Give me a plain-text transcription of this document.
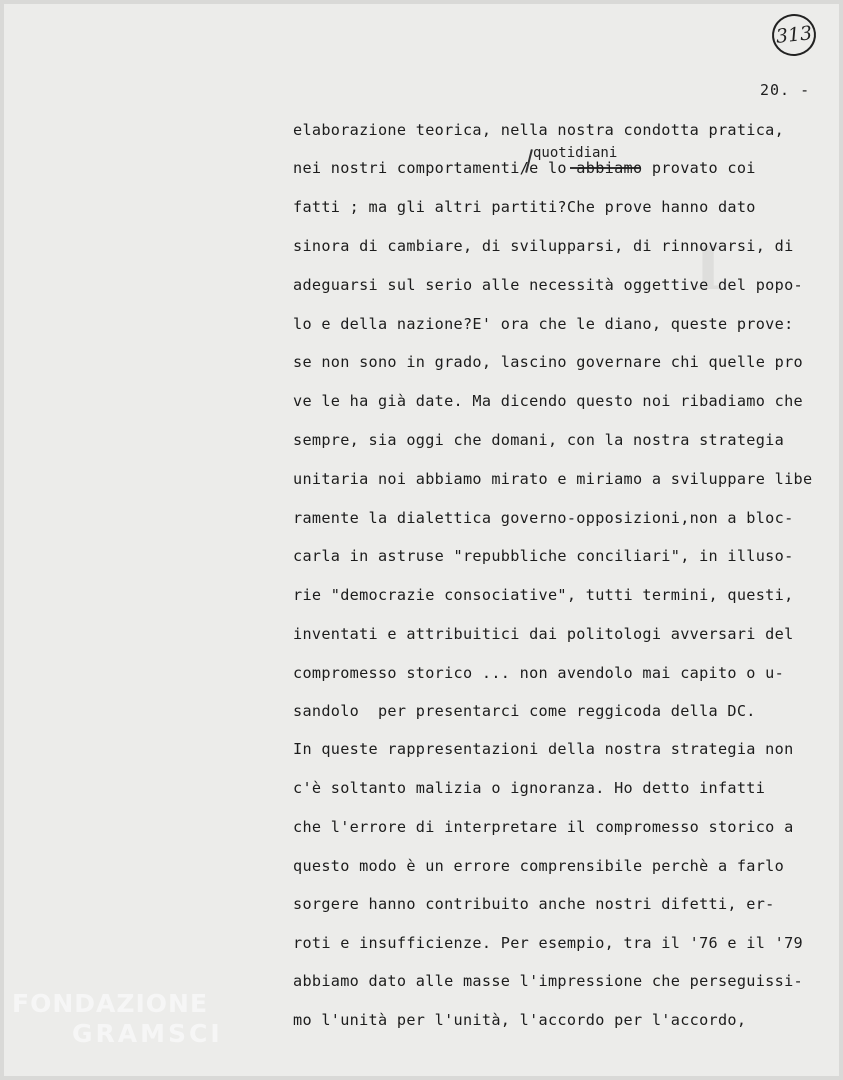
I
313
20. -
quotidiani
elaborazione teorica, nella nostra condotta pratica,
nei nostri comportamenti/e lo abbiamo provato coi
fatti ; ma gli altri partiti?Che prove hanno dato
sinora di cambiare, di svilupparsi, di rinnovarsi, di
adeguarsi sul serio alle necessità oggettive del popo-
lo e della nazione?E' ora che le diano, queste prove:
se non sono in grado, lascino governare chi quelle pro
ve le ha già date. Ma dicendo questo noi ribadiamo che
sempre, sia oggi che domani, con la nostra strategia
unitaria noi abbiamo mirato e miriamo a sviluppare libe
ramente la dialettica governo-opposizioni,non a bloc-
carla in astruse "repubbliche conciliari", in illuso-
rie "democrazie consociative", tutti termini, questi,
inventati e attribuitici dai politologi avversari del
compromesso storico ... non avendolo mai capito o u-
sandolo  per presentarci come reggicoda della DC.
In queste rappresentazioni della nostra strategia non
c'è soltanto malizia o ignoranza. Ho detto infatti
che l'errore di interpretare il compromesso storico a
questo modo è un errore comprensibile perchè a farlo
sorgere hanno contribuito anche nostri difetti, er-
roti e insufficienze. Per esempio, tra il '76 e il '79
abbiamo dato alle masse l'impressione che perseguissi-
mo l'unità per l'unità, l'accordo per l'accordo,
FONDAZIONE
GRAMSCI
